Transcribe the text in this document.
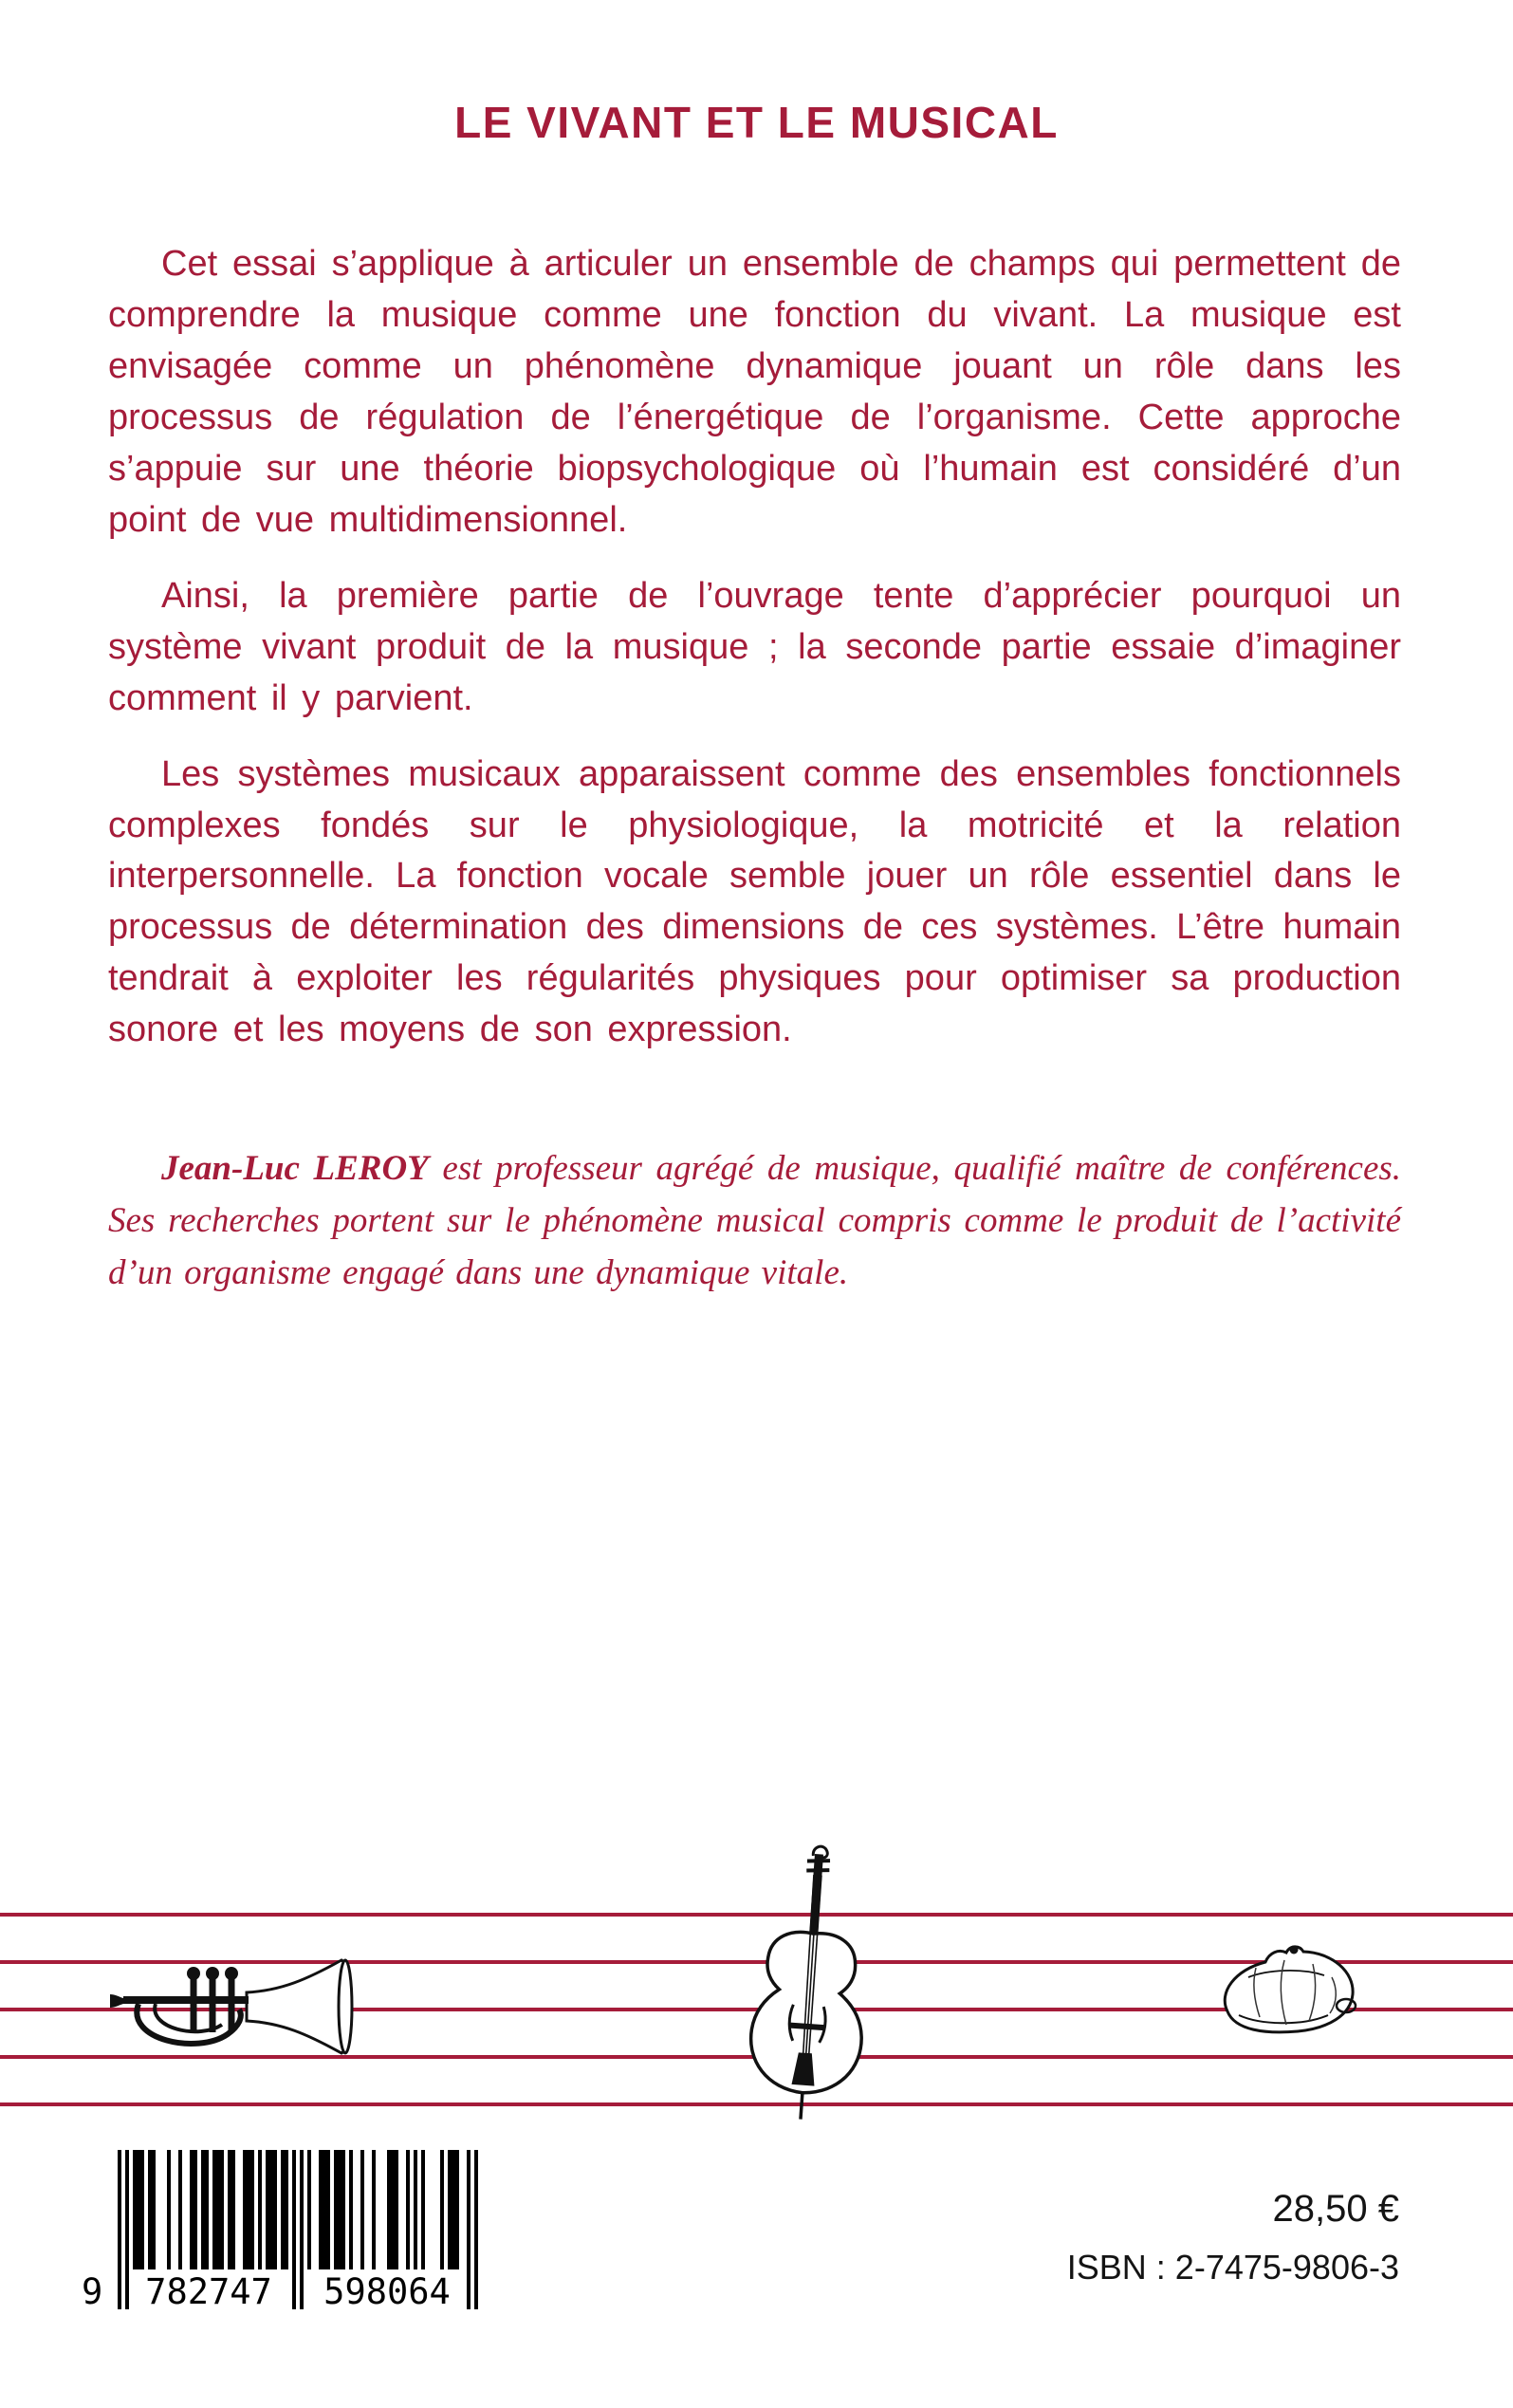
LE VIVANT ET LE MUSICAL

Cet essai s’applique à articuler un ensemble de champs qui permettent de comprendre la musique comme une fonction du vivant. La musique est envisagée comme un phénomène dynamique jouant un rôle dans les processus de régulation de l’énergétique de l’organisme. Cette approche s’appuie sur une théorie biopsychologique où l’humain est considéré d’un point de vue multidimensionnel.

Ainsi, la première partie de l’ouvrage tente d’apprécier pourquoi un système vivant produit de la musique ; la seconde partie essaie d’imaginer comment il y parvient.

Les systèmes musicaux apparaissent comme des ensembles fonctionnels complexes fondés sur le physiologique, la motricité et la relation interpersonnelle. La fonction vocale semble jouer un rôle essentiel dans le processus de détermination des dimensions de ces systèmes. L’être humain tendrait à exploiter les régularités physiques pour optimiser sa production sonore et les moyens de son expression.

Jean-Luc LEROY est professeur agrégé de musique, qualifié maître de conférences. Ses recherches portent sur le phénomène musical compris comme le produit de l’activité d’un organisme engagé dans une dynamique vitale.

9	782747	598064
28,50 €
ISBN : 2-7475-9806-3
